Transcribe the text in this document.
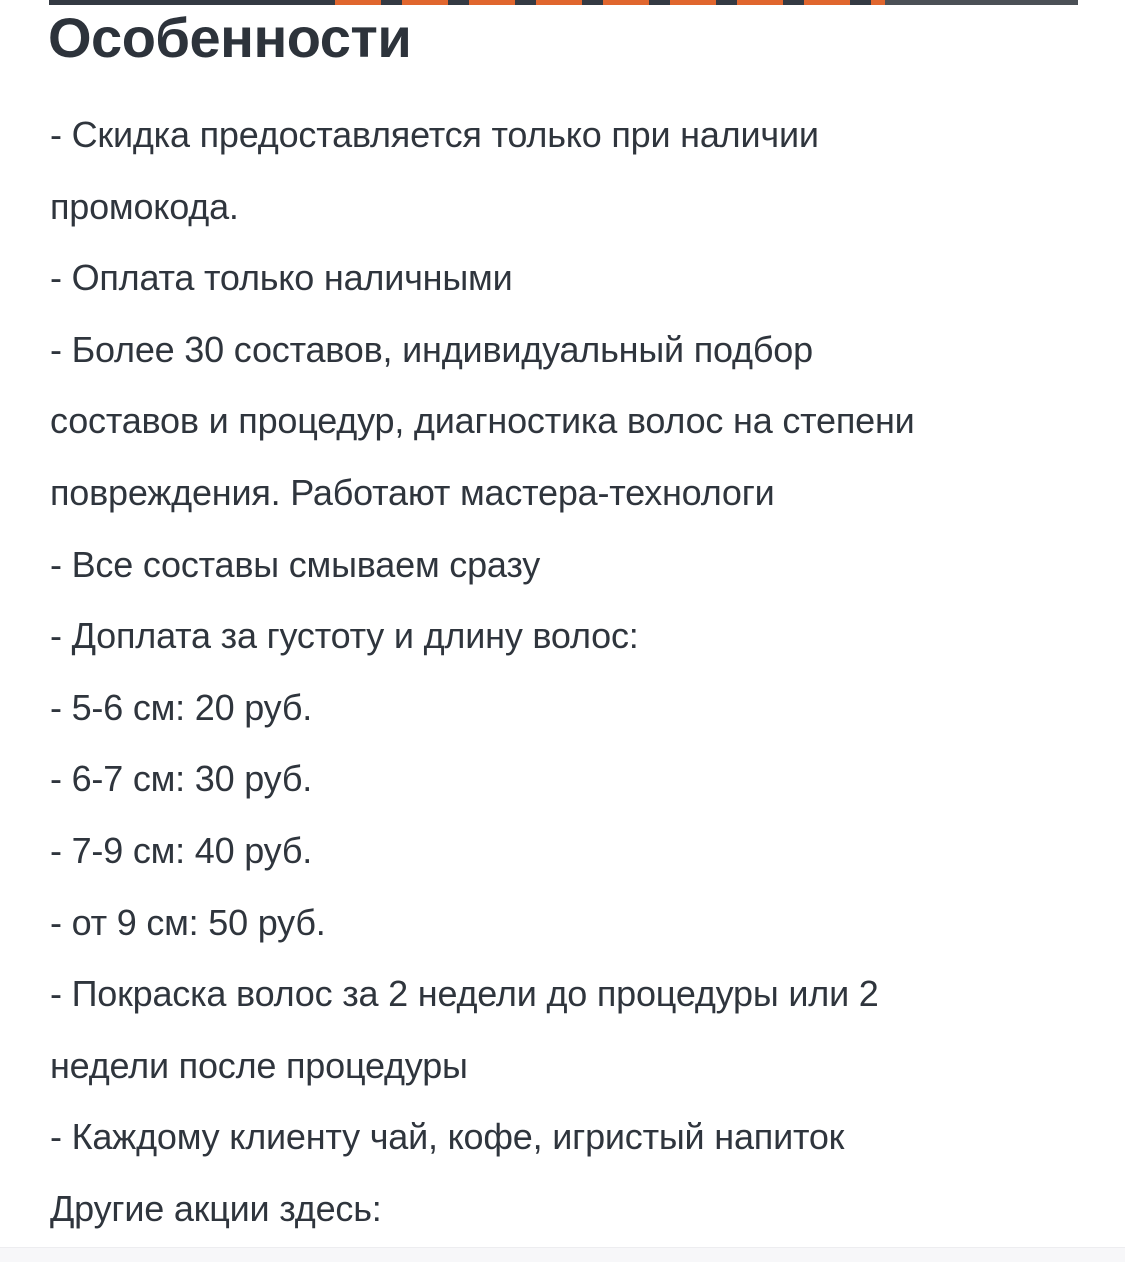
Особенности
- Скидка предоставляется только при наличии
промокода.
- Оплата только наличными
- Более 30 составов, индивидуальный подбор
составов и процедур, диагностика волос на степени
повреждения. Работают мастера-технологи
- Все составы смываем сразу
- Доплата за густоту и длину волос:
- 5-6 см: 20 руб.
- 6-7 см: 30 руб.
- 7-9 см: 40 руб.
- от 9 см: 50 руб.
- Покраска волос за 2 недели до процедуры или 2
недели после процедуры
- Каждому клиенту чай, кофе, игристый напиток
Другие акции здесь:
